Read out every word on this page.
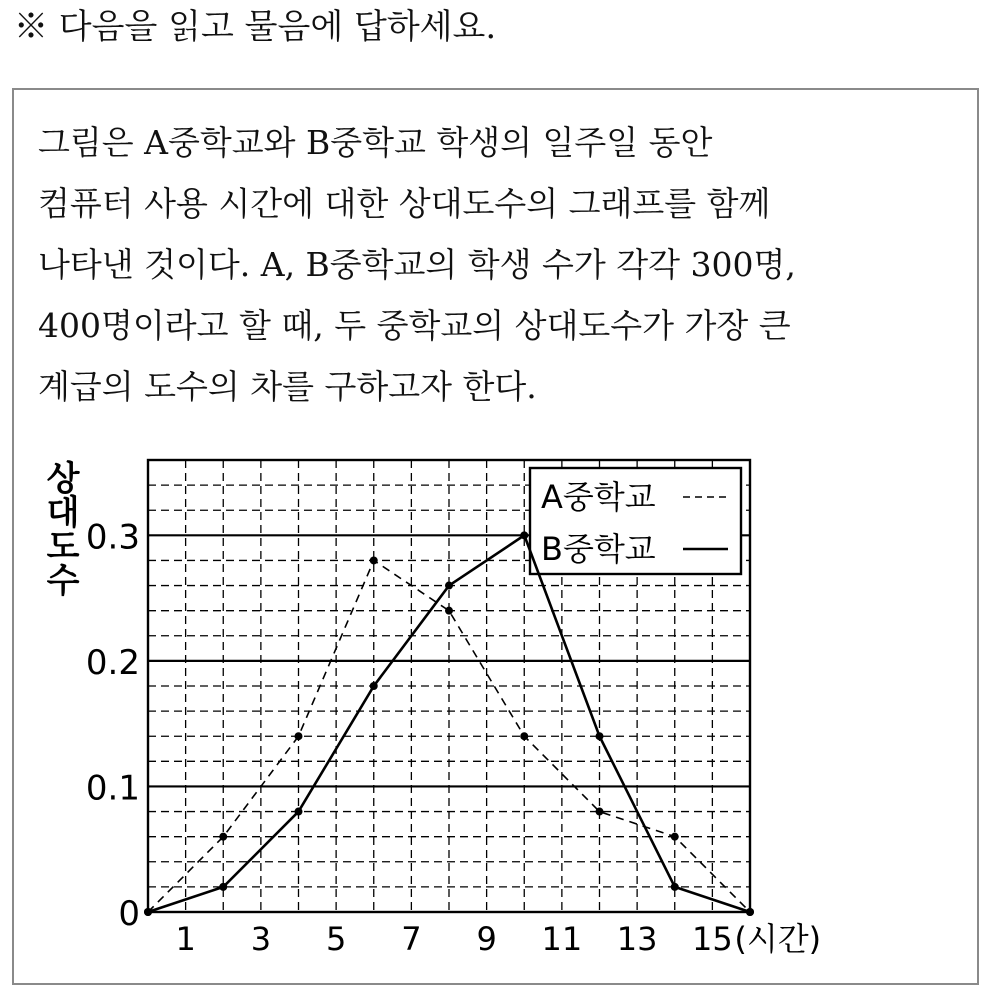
※ 다음을 읽고 물음에 답하세요.
그림은 A중학교와 B중학교 학생의 일주일 동안
컴퓨터 사용 시간에 대한 상대도수의 그래프를 함께
나타낸 것이다. A, B중학교의 학생 수가 각각 300명,
400명이라고 할 때, 두 중학교의 상대도수가 가장 큰
계급의 도수의 차를 구하고자 한다.
0
0.1
0.2
0.3
1 3 5 7 9 11 13 15 (시간)
상
대
도
수
A중학교
B중학교
